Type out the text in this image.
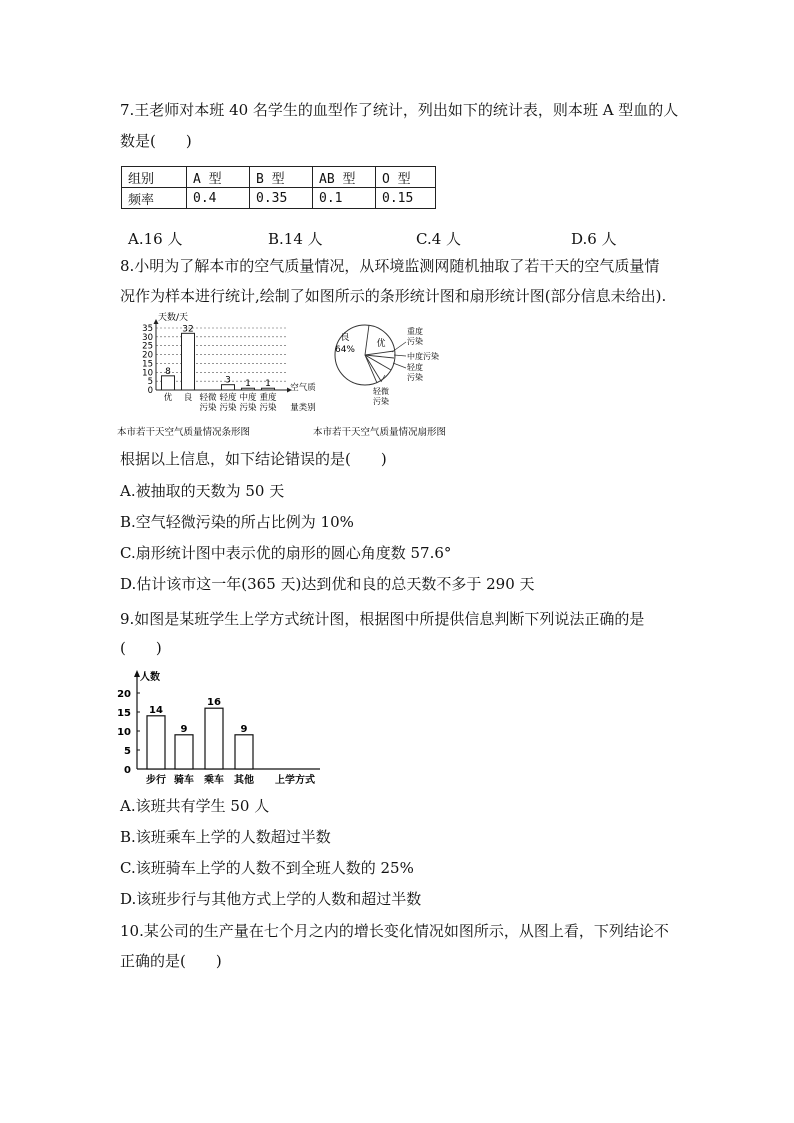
7.王老师对本班 40 名学生的血型作了统计，列出如下的统计表，则本班 A 型血的人
数是(　　)
组别	A 型	B 型	AB 型	O 型
频率	0.4	0.35	0.1	0.15
A.16 人	B.14 人	C.4 人	D.6 人
8.小明为了解本市的空气质量情况，从环境监测网随机抽取了若干天的空气质量情
况作为样本进行统计,绘制了如图所示的条形统计图和扇形统计图(部分信息未给出).
0
5
10
15
20
25
30
35
天数/天
8
优
32
良 轻微
污染
3
轻度
污染
1
中度
污染
1
重度
污染
空气质
量类别
本市若干天空气质量情况条形图
良
64%
优
重度
污染
中度污染
轻度
污染
轻微
污染
本市若干天空气质量情况扇形图
根据以上信息，如下结论错误的是(　　)
A.被抽取的天数为 50 天
B.空气轻微污染的所占比例为 10%
C.扇形统计图中表示优的扇形的圆心角度数 57.6°
D.估计该市这一年(365 天)达到优和良的总天数不多于 290 天
9.如图是某班学生上学方式统计图，根据图中所提供信息判断下列说法正确的是
(　　)
人数
0
5
10
15
20
14
步行
9
骑车
16
乘车
9
其他 上学方式
A.该班共有学生 50 人
B.该班乘车上学的人数超过半数
C.该班骑车上学的人数不到全班人数的 25%
D.该班步行与其他方式上学的人数和超过半数
10.某公司的生产量在七个月之内的增长变化情况如图所示，从图上看，下列结论不
正确的是(　　)
